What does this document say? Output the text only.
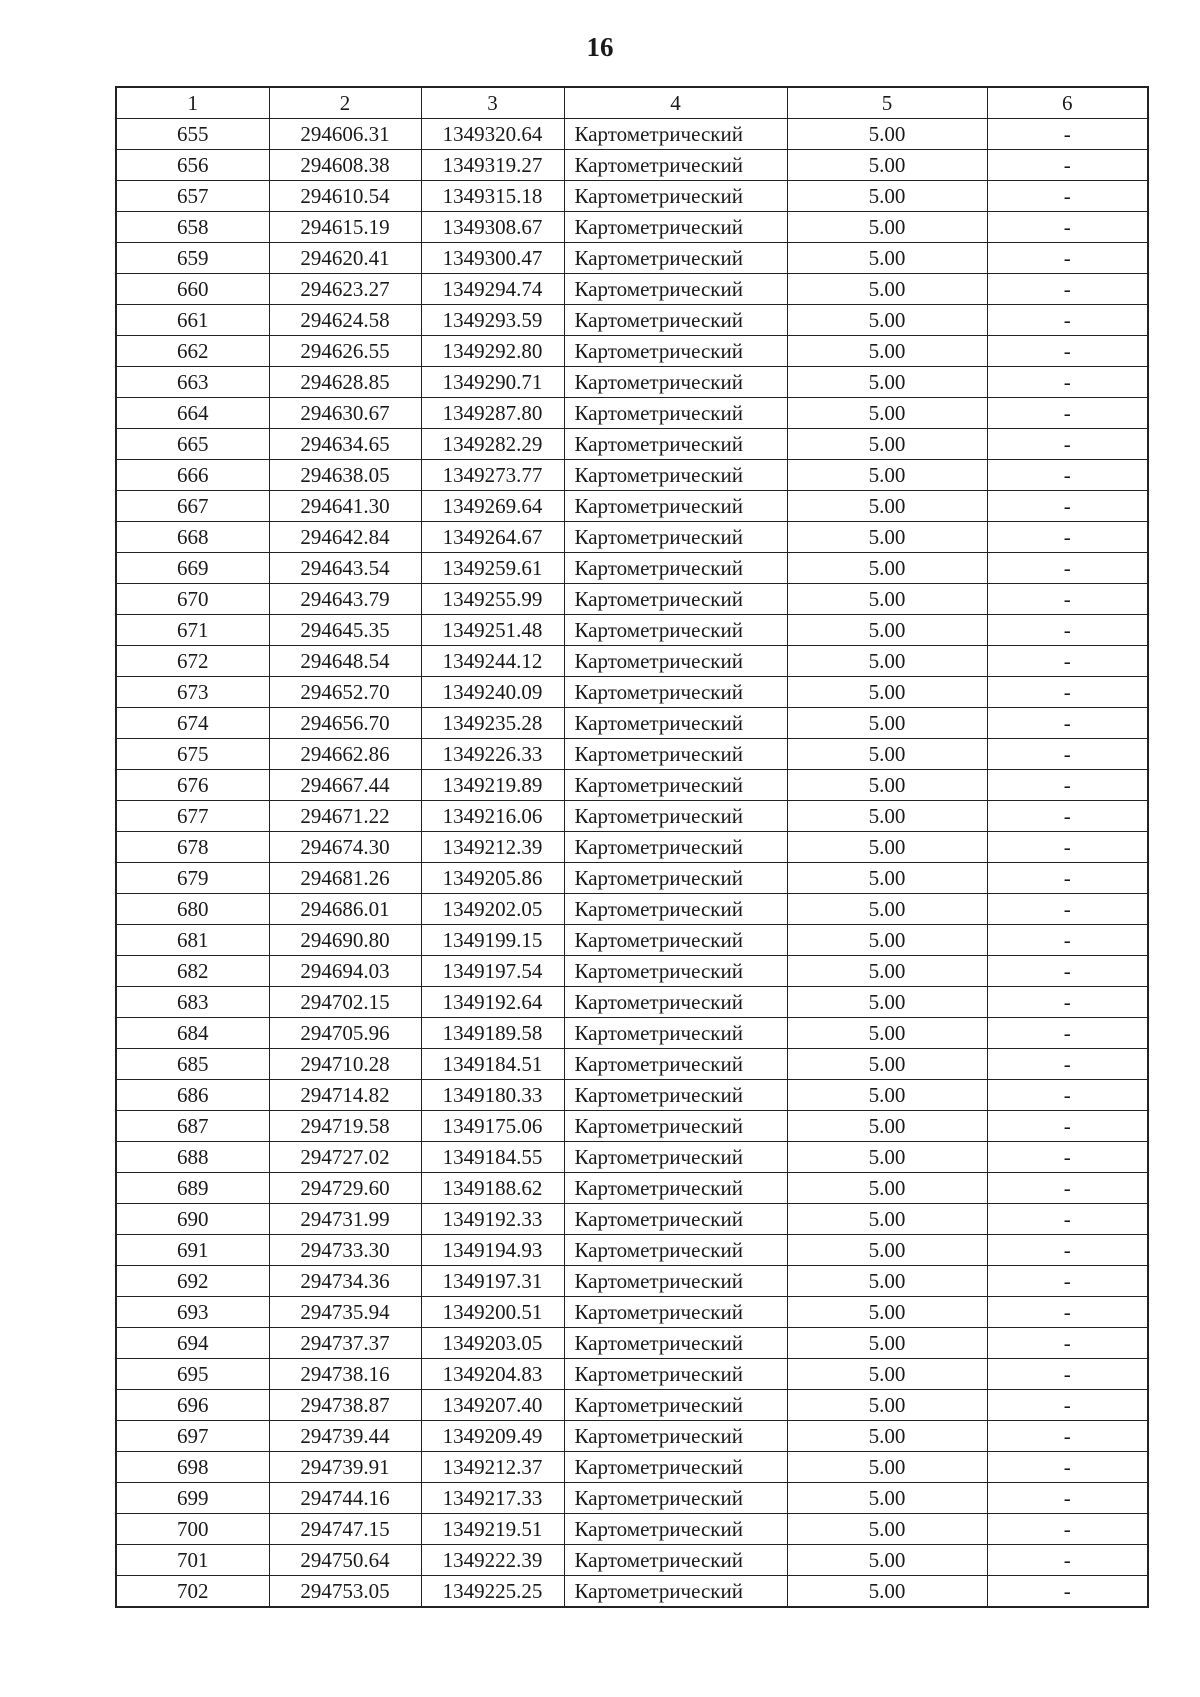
16
1	2	3	4	5	6
655	294606.31	1349320.64	Картометрический	5.00	-
656	294608.38	1349319.27	Картометрический	5.00	-
657	294610.54	1349315.18	Картометрический	5.00	-
658	294615.19	1349308.67	Картометрический	5.00	-
659	294620.41	1349300.47	Картометрический	5.00	-
660	294623.27	1349294.74	Картометрический	5.00	-
661	294624.58	1349293.59	Картометрический	5.00	-
662	294626.55	1349292.80	Картометрический	5.00	-
663	294628.85	1349290.71	Картометрический	5.00	-
664	294630.67	1349287.80	Картометрический	5.00	-
665	294634.65	1349282.29	Картометрический	5.00	-
666	294638.05	1349273.77	Картометрический	5.00	-
667	294641.30	1349269.64	Картометрический	5.00	-
668	294642.84	1349264.67	Картометрический	5.00	-
669	294643.54	1349259.61	Картометрический	5.00	-
670	294643.79	1349255.99	Картометрический	5.00	-
671	294645.35	1349251.48	Картометрический	5.00	-
672	294648.54	1349244.12	Картометрический	5.00	-
673	294652.70	1349240.09	Картометрический	5.00	-
674	294656.70	1349235.28	Картометрический	5.00	-
675	294662.86	1349226.33	Картометрический	5.00	-
676	294667.44	1349219.89	Картометрический	5.00	-
677	294671.22	1349216.06	Картометрический	5.00	-
678	294674.30	1349212.39	Картометрический	5.00	-
679	294681.26	1349205.86	Картометрический	5.00	-
680	294686.01	1349202.05	Картометрический	5.00	-
681	294690.80	1349199.15	Картометрический	5.00	-
682	294694.03	1349197.54	Картометрический	5.00	-
683	294702.15	1349192.64	Картометрический	5.00	-
684	294705.96	1349189.58	Картометрический	5.00	-
685	294710.28	1349184.51	Картометрический	5.00	-
686	294714.82	1349180.33	Картометрический	5.00	-
687	294719.58	1349175.06	Картометрический	5.00	-
688	294727.02	1349184.55	Картометрический	5.00	-
689	294729.60	1349188.62	Картометрический	5.00	-
690	294731.99	1349192.33	Картометрический	5.00	-
691	294733.30	1349194.93	Картометрический	5.00	-
692	294734.36	1349197.31	Картометрический	5.00	-
693	294735.94	1349200.51	Картометрический	5.00	-
694	294737.37	1349203.05	Картометрический	5.00	-
695	294738.16	1349204.83	Картометрический	5.00	-
696	294738.87	1349207.40	Картометрический	5.00	-
697	294739.44	1349209.49	Картометрический	5.00	-
698	294739.91	1349212.37	Картометрический	5.00	-
699	294744.16	1349217.33	Картометрический	5.00	-
700	294747.15	1349219.51	Картометрический	5.00	-
701	294750.64	1349222.39	Картометрический	5.00	-
702	294753.05	1349225.25	Картометрический	5.00	-
